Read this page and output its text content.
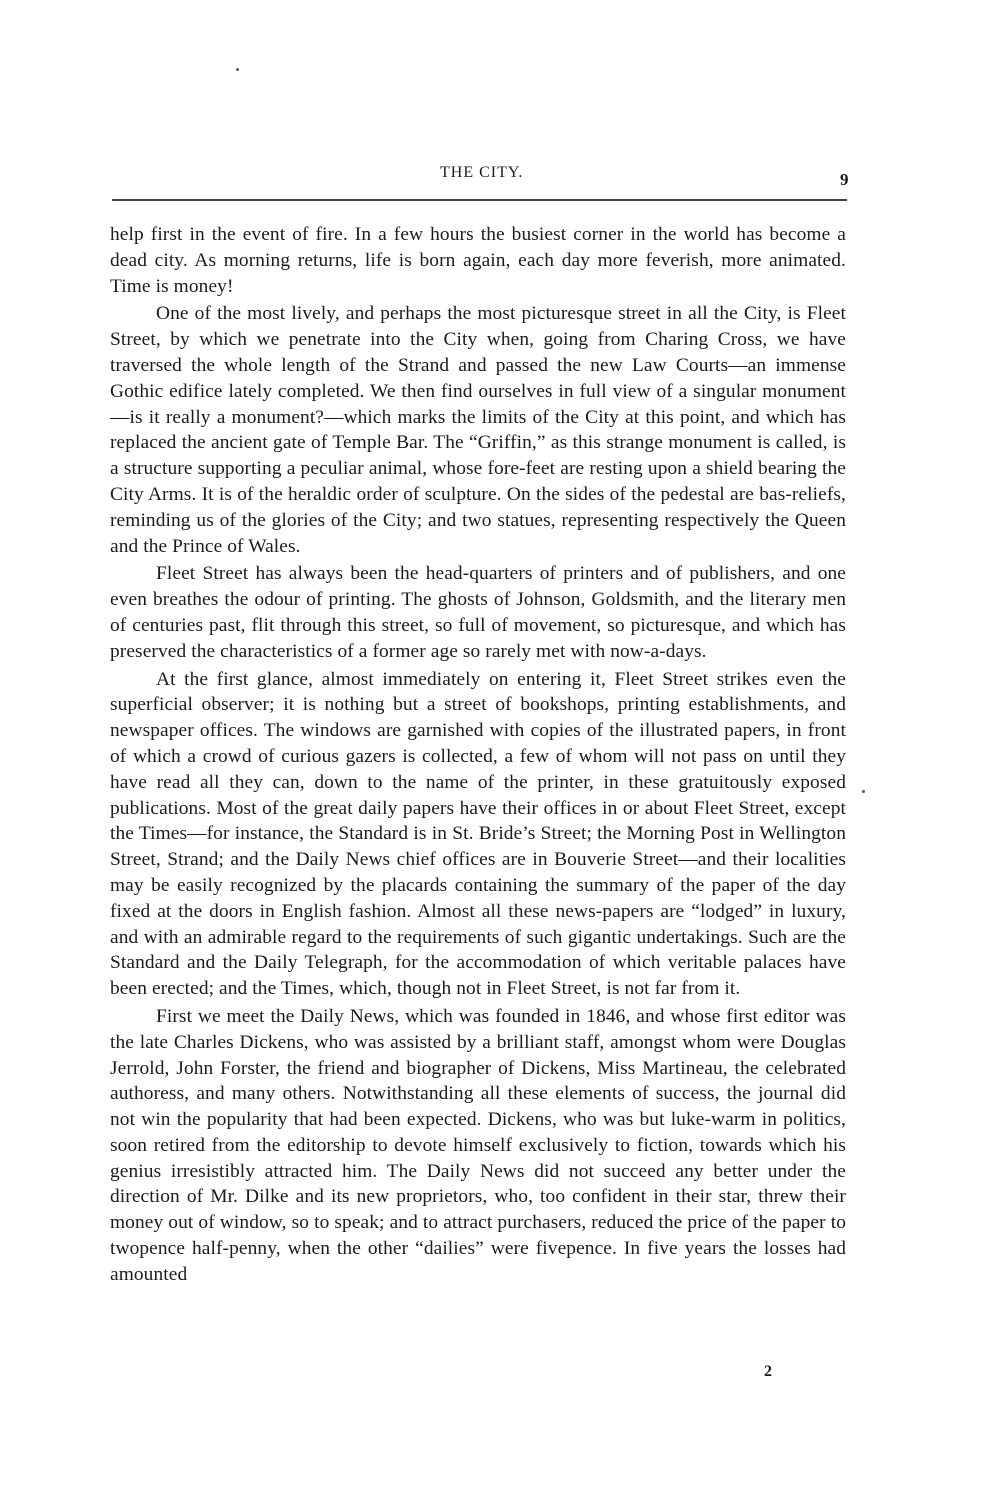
THE CITY.	9

help first in the event of fire. In a few hours the busiest corner in the world has become a dead city. As morning returns, life is born again, each day more feverish, more animated. Time is money!

One of the most lively, and perhaps the most picturesque street in all the City, is Fleet Street, by which we penetrate into the City when, going from Charing Cross, we have traversed the whole length of the Strand and passed the new Law Courts—an immense Gothic edifice lately completed. We then find ourselves in full view of a singular monument—is it really a monument?—which marks the limits of the City at this point, and which has replaced the ancient gate of Temple Bar. The “Griffin,” as this strange monument is called, is a structure supporting a peculiar animal, whose fore-feet are resting upon a shield bearing the City Arms. It is of the heraldic order of sculpture. On the sides of the pedestal are bas-reliefs, reminding us of the glories of the City; and two statues, representing respectively the Queen and the Prince of Wales.

Fleet Street has always been the head-quarters of printers and of publishers, and one even breathes the odour of printing. The ghosts of Johnson, Goldsmith, and the literary men of centuries past, flit through this street, so full of movement, so picturesque, and which has preserved the characteristics of a former age so rarely met with now-a-days.

At the first glance, almost immediately on entering it, Fleet Street strikes even the superficial observer; it is nothing but a street of bookshops, printing establishments, and newspaper offices. The windows are garnished with copies of the illustrated papers, in front of which a crowd of curious gazers is collected, a few of whom will not pass on until they have read all they can, down to the name of the printer, in these gratuitously exposed publications. Most of the great daily papers have their offices in or about Fleet Street, except the Times—for instance, the Standard is in St. Bride’s Street; the Morning Post in Wellington Street, Strand; and the Daily News chief offices are in Bouverie Street—and their localities may be easily recognized by the placards containing the summary of the paper of the day fixed at the doors in English fashion. Almost all these news-papers are “lodged” in luxury, and with an admirable regard to the requirements of such gigantic undertakings. Such are the Standard and the Daily Telegraph, for the accommodation of which veritable palaces have been erected; and the Times, which, though not in Fleet Street, is not far from it.

First we meet the Daily News, which was founded in 1846, and whose first editor was the late Charles Dickens, who was assisted by a brilliant staff, amongst whom were Douglas Jerrold, John Forster, the friend and biographer of Dickens, Miss Martineau, the celebrated authoress, and many others. Notwithstanding all these elements of success, the journal did not win the popularity that had been expected. Dickens, who was but luke-warm in politics, soon retired from the editorship to devote himself exclusively to fiction, towards which his genius irresistibly attracted him. The Daily News did not succeed any better under the direction of Mr. Dilke and its new proprietors, who, too confident in their star, threw their money out of window, so to speak; and to attract purchasers, reduced the price of the paper to twopence half-penny, when the other “dailies” were fivepence. In five years the losses had amounted

2
